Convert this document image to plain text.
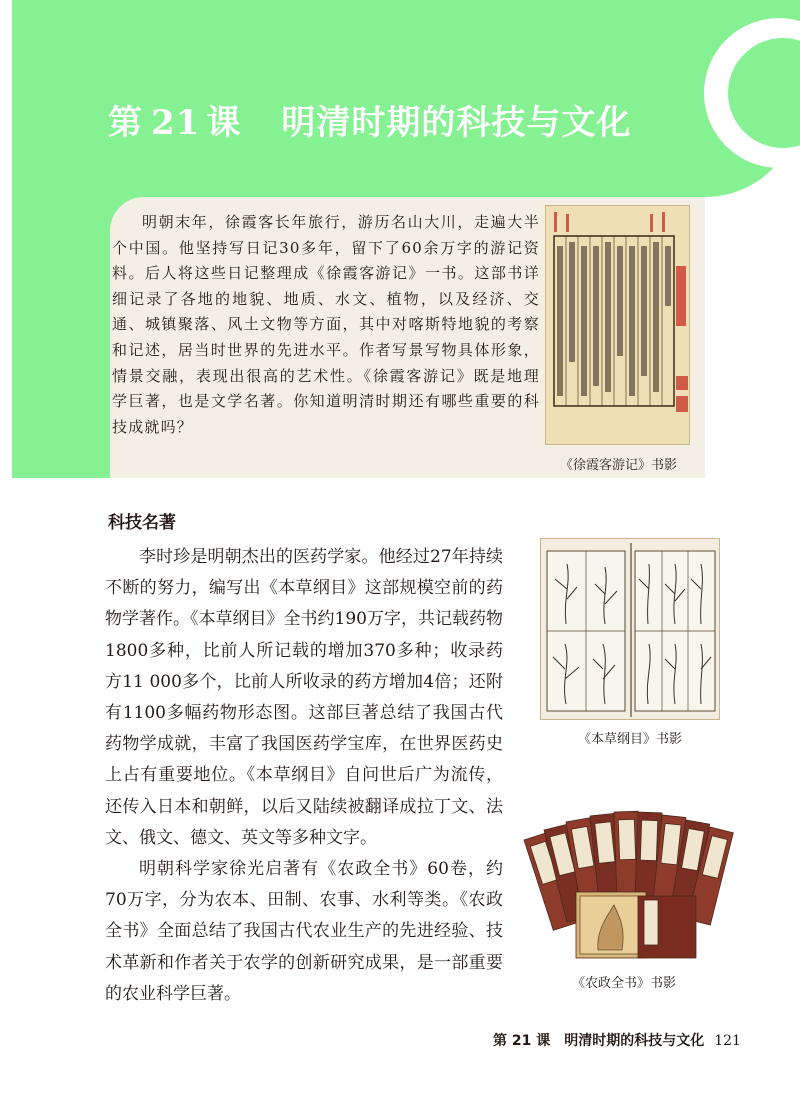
第 21 课 明清时期的科技与文化

明朝末年，徐霞客长年旅行，游历名山大川，走遍大半个中国。他坚持写日记30多年，留下了60余万字的游记资料。后人将这些日记整理成《徐霞客游记》一书。这部书详细记录了各地的地貌、地质、水文、植物，以及经济、交通、城镇聚落、风土文物等方面，其中对喀斯特地貌的考察和记述，居当时世界的先进水平。作者写景写物具体形象，情景交融，表现出很高的艺术性。《徐霞客游记》既是地理学巨著，也是文学名著。你知道明清时期还有哪些重要的科技成就吗？

《徐霞客游记》书影
科技名著

李时珍是明朝杰出的医药学家。他经过27年持续不断的努力，编写出《本草纲目》这部规模空前的药物学著作。《本草纲目》全书约190万字，共记载药物1800多种，比前人所记载的增加370多种；收录药方11 000多个，比前人所收录的药方增加4倍；还附有1100多幅药物形态图。这部巨著总结了我国古代药物学成就，丰富了我国医药学宝库，在世界医药史上占有重要地位。《本草纲目》自问世后广为流传，还传入日本和朝鲜，以后又陆续被翻译成拉丁文、法文、俄文、德文、英文等多种文字。

明朝科学家徐光启著有《农政全书》60卷，约70万字，分为农本、田制、农事、水利等类。《农政全书》全面总结了我国古代农业生产的先进经验、技术革新和作者关于农学的创新研究成果，是一部重要的农业科学巨著。

《本草纲目》书影
《农政全书》书影
第 21 课　明清时期的科技与文化 121
